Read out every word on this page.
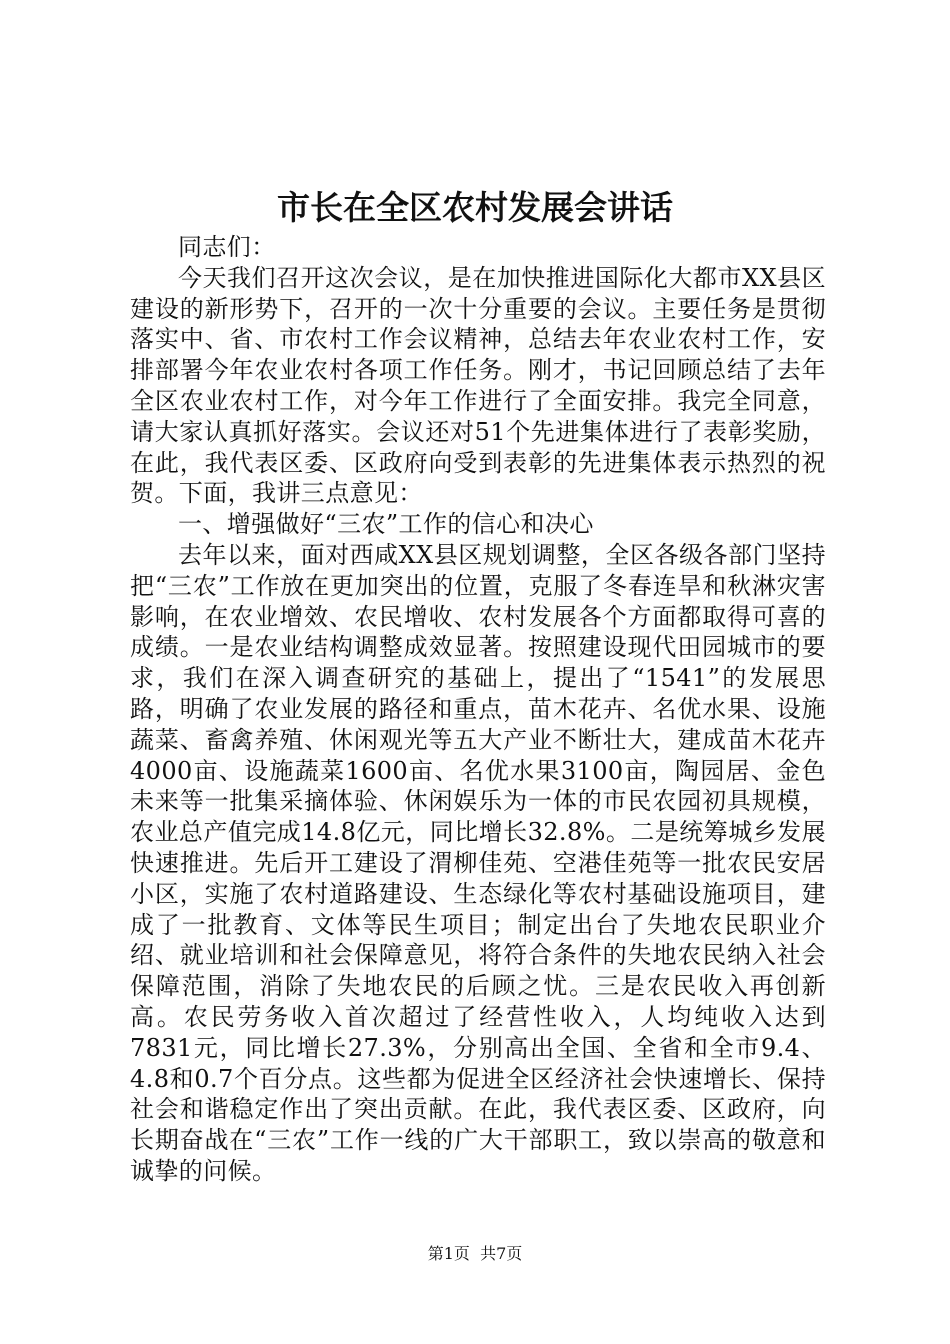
市长在全区农村发展会讲话

同志们：

今天我们召开这次会议，是在加快推进国际化大都市XX县区建设的新形势下，召开的一次十分重要的会议。主要任务是贯彻落实中、省、市农村工作会议精神，总结去年农业农村工作，安排部署今年农业农村各项工作任务。刚才，书记回顾总结了去年全区农业农村工作，对今年工作进行了全面安排。我完全同意，请大家认真抓好落实。会议还对51个先进集体进行了表彰奖励，在此，我代表区委、区政府向受到表彰的先进集体表示热烈的祝贺。下面，我讲三点意见：

一、增强做好“三农”工作的信心和决心

去年以来，面对西咸XX县区规划调整，全区各级各部门坚持把“三农”工作放在更加突出的位置，克服了冬春连旱和秋淋灾害影响，在农业增效、农民增收、农村发展各个方面都取得可喜的成绩。一是农业结构调整成效显著。按照建设现代田园城市的要求，我们在深入调查研究的基础上，提出了“1541”的发展思路，明确了农业发展的路径和重点，苗木花卉、名优水果、设施蔬菜、畜禽养殖、休闲观光等五大产业不断壮大，建成苗木花卉4000亩、设施蔬菜1600亩、名优水果3100亩，陶园居、金色未来等一批集采摘体验、休闲娱乐为一体的市民农园初具规模，农业总产值完成14.8亿元，同比增长32.8%。二是统筹城乡发展快速推进。先后开工建设了渭柳佳苑、空港佳苑等一批农民安居小区，实施了农村道路建设、生态绿化等农村基础设施项目，建成了一批教育、文体等民生项目；制定出台了失地农民职业介绍、就业培训和社会保障意见，将符合条件的失地农民纳入社会保障范围，消除了失地农民的后顾之忧。三是农民收入再创新高。农民劳务收入首次超过了经营性收入，人均纯收入达到7831元，同比增长27.3%，分别高出全国、全省和全市9.4、4.8和0.7个百分点。这些都为促进全区经济社会快速增长、保持社会和谐稳定作出了突出贡献。在此，我代表区委、区政府，向长期奋战在“三农”工作一线的广大干部职工，致以崇高的敬意和诚挚的问候。

第1页  共7页
